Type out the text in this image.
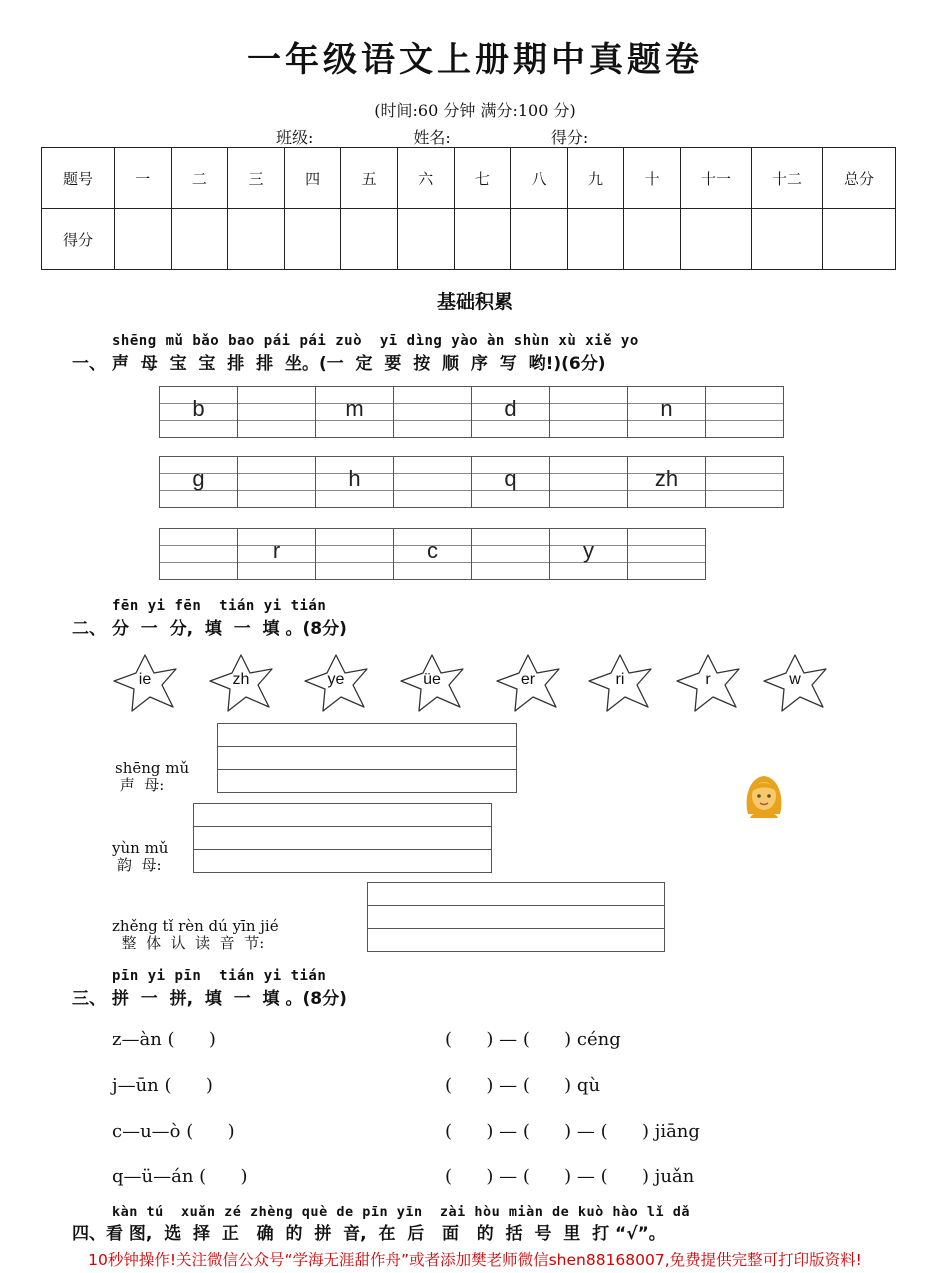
一年级语文上册期中真题卷
(时间:60 分钟 满分:100 分)
班级:	姓名:	得分:
题号	一	二	三	四	五	六	七	八	九	十	十一	十二	总分
得分													
基础积累
shēng mǔ bǎo bao pái pái zuò  yī dìng yào àn shùn xù xiě yo
一、 声  母  宝  宝  排  排  坐。(一  定  要  按  顺  序  写  哟!)(6分)
b	m	d	n
g	h	q	zh
r	c	y
fēn yi fēn  tián yi tián
二、 分  一  分,  填  一  填 。(8分)
ie	zh	ye	üe	er	ri	r	w
shēng mǔ
声  母:
yùn mǔ
韵  母:
zhěng tǐ rèn dú yīn jié
整  体  认  读  音  节:
pīn yi pīn  tián yi tián
三、 拼  一  拼,  填  一  填 。(8分)
z—àn (      )
j—ūn (      )
c—u—ò (      )
q—ü—án (      )
(      ) — (      ) céng
(      ) — (      ) qù
(      ) — (      ) — (      ) jiāng
(      ) — (      ) — (      ) juǎn
kàn tú  xuǎn zé zhèng què de pīn yīn  zài hòu miàn de kuò hào lǐ dǎ
四、看 图,  选  择  正   确  的  拼  音,  在  后   面   的  括  号  里  打 “√”。
10秒钟操作!关注微信公众号“学海无涯甜作舟”或者添加樊老师微信shen88168007,免费提供完整可打印版资料!
